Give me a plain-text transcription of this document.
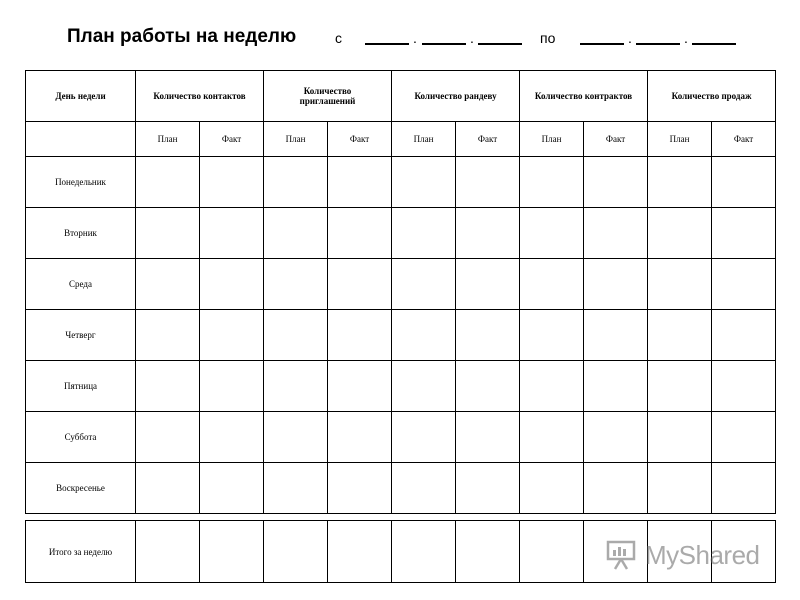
План работы на неделю	с	.	.	по	.	.
День недели	Количество контактов		Количество приглашений		Количество рандеву		Количество контрактов		Количество продаж	
	План	Факт	План	Факт	План	Факт	План	Факт	План	Факт
Понедельник										
Вторник										
Среда										
Четверг										
Пятница										
Суббота										
Воскресенье										
Итого за неделю											MyShared
